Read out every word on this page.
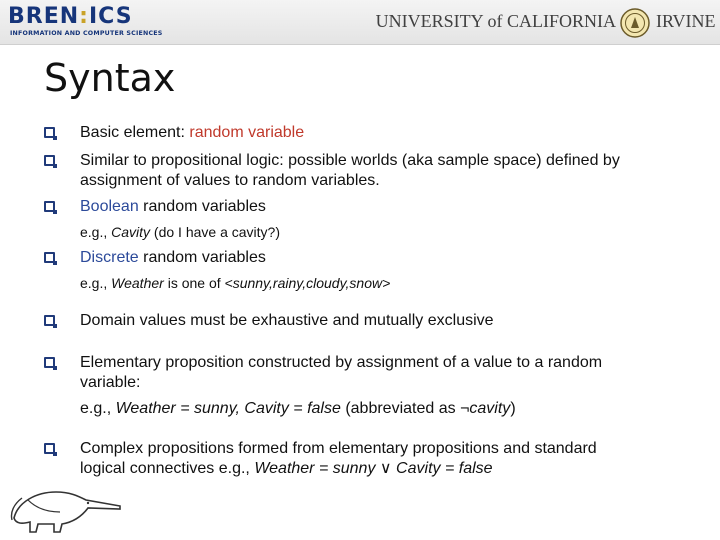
BREN:ICS
INFORMATION AND COMPUTER SCIENCES
UNIVERSITY of CALIFORNIA IRVINE
Syntax
Basic element: random variable
Similar to propositional logic: possible worlds (aka sample space) defined by assignment of values to random variables.
Boolean random variables
e.g., Cavity (do I have a cavity?)
Discrete random variables
e.g., Weather is one of <sunny,rainy,cloudy,snow>
Domain values must be exhaustive and mutually exclusive
Elementary proposition constructed by assignment of a value to a random variable:
e.g., Weather = sunny, Cavity = false (abbreviated as ¬cavity)
Complex propositions formed from elementary propositions and standard logical connectives e.g., Weather = sunny ∨ Cavity = false
